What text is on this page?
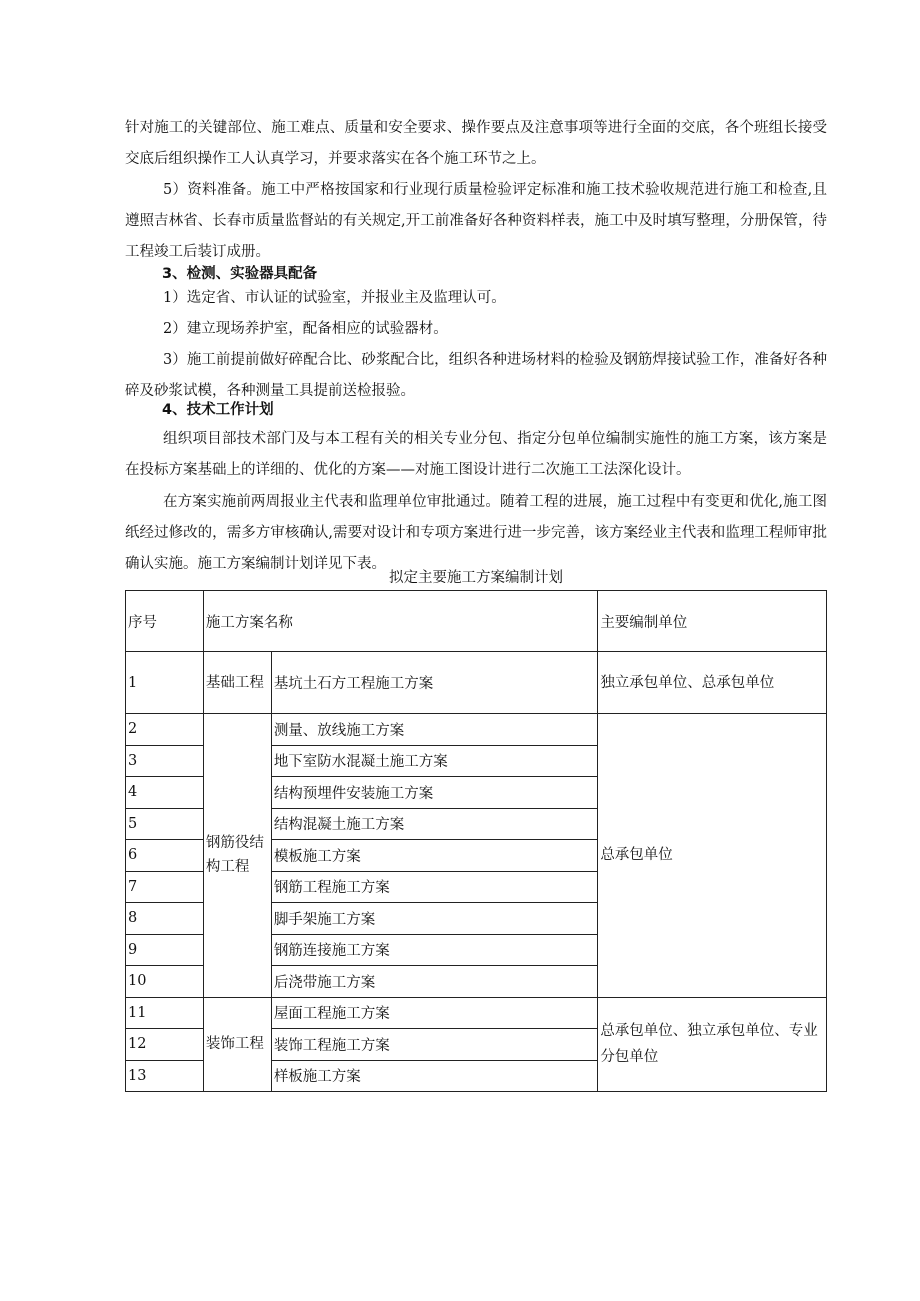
针对施工的关键部位、施工难点、质量和安全要求、操作要点及注意事项等进行全面的交底，各个班组长接受交底后组织操作工人认真学习，并要求落实在各个施工环节之上。
5）资料准备。施工中严格按国家和行业现行质量检验评定标准和施工技术验收规范进行施工和检查,且遵照吉林省、长春市质量监督站的有关规定,开工前准备好各种资料样表，施工中及时填写整理，分册保管，待工程竣工后装订成册。
3、检测、实验器具配备
1）选定省、市认证的试验室，并报业主及监理认可。
2）建立现场养护室，配备相应的试验器材。
3）施工前提前做好碎配合比、砂浆配合比，组织各种进场材料的检验及钢筋焊接试验工作，准备好各种碎及砂浆试模，各种测量工具提前送检报验。
4、技术工作计划
组织项目部技术部门及与本工程有关的相关专业分包、指定分包单位编制实施性的施工方案，该方案是在投标方案基础上的详细的、优化的方案——对施工图设计进行二次施工工法深化设计。
在方案实施前两周报业主代表和监理单位审批通过。随着工程的进展，施工过程中有变更和优化,施工图纸经过修改的，需多方审核确认,需要对设计和专项方案进行进一步完善，该方案经业主代表和监理工程师审批确认实施。施工方案编制计划详见下表。
拟定主要施工方案编制计划
序号	施工方案名称		主要编制单位
1	基础工程	基坑土石方工程施工方案	独立承包单位、总承包单位
2	钢筋役结构工程	测量、放线施工方案	总承包单位
3		地下室防水混凝土施工方案	
4		结构预埋件安装施工方案	
5		结构混凝土施工方案	
6		模板施工方案	
7		钢筋工程施工方案	
8		脚手架施工方案	
9		钢筋连接施工方案	
10		后浇带施工方案	
11	装饰工程	屋面工程施工方案	总承包单位、独立承包单位、专业分包单位
12		装饰工程施工方案	
13		样板施工方案	
